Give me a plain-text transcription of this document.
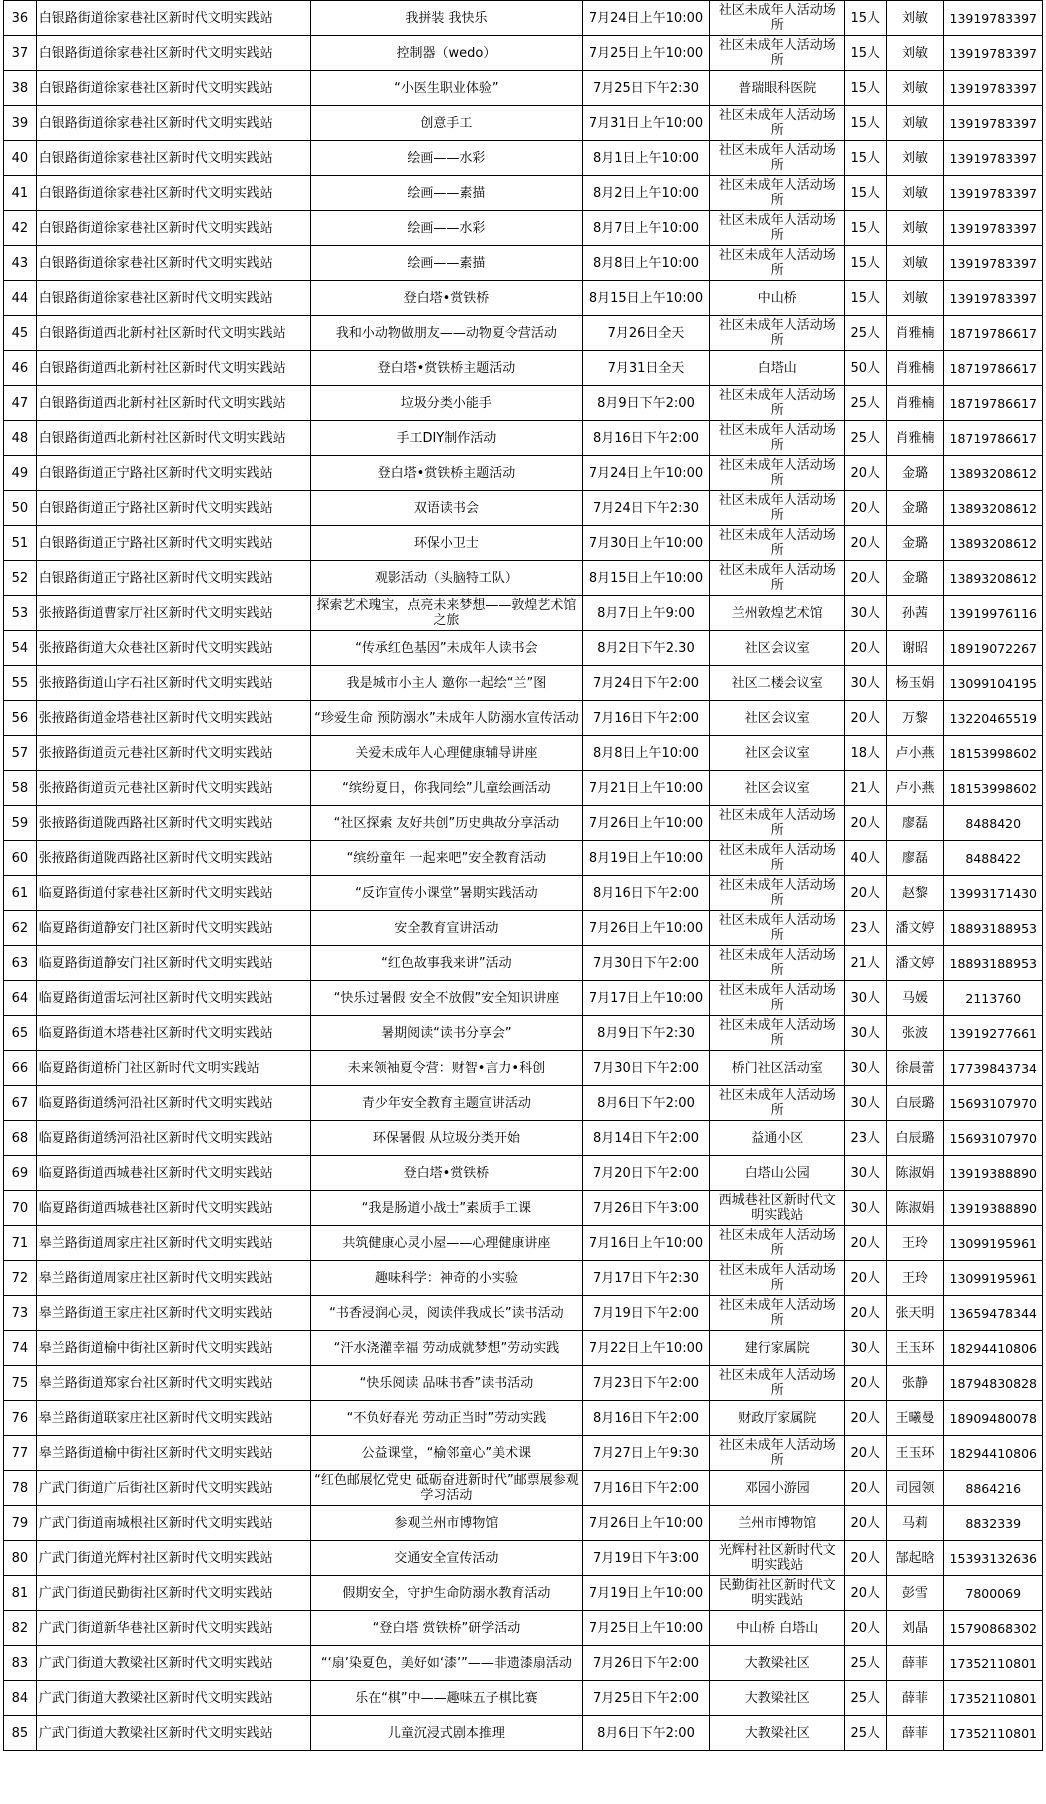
36	白银路街道徐家巷社区新时代文明实践站	我拼装 我快乐	7月24日上午10:00	社区未成年人活动场所	15人	刘敏	13919783397
37	白银路街道徐家巷社区新时代文明实践站	控制器（wedo）	7月25日上午10:00	社区未成年人活动场所	15人	刘敏	13919783397
38	白银路街道徐家巷社区新时代文明实践站	“小医生职业体验”	7月25日下午2:30	普瑞眼科医院	15人	刘敏	13919783397
39	白银路街道徐家巷社区新时代文明实践站	创意手工	7月31日上午10:00	社区未成年人活动场所	15人	刘敏	13919783397
40	白银路街道徐家巷社区新时代文明实践站	绘画——水彩	8月1日上午10:00	社区未成年人活动场所	15人	刘敏	13919783397
41	白银路街道徐家巷社区新时代文明实践站	绘画——素描	8月2日上午10:00	社区未成年人活动场所	15人	刘敏	13919783397
42	白银路街道徐家巷社区新时代文明实践站	绘画——水彩	8月7日上午10:00	社区未成年人活动场所	15人	刘敏	13919783397
43	白银路街道徐家巷社区新时代文明实践站	绘画——素描	8月8日上午10:00	社区未成年人活动场所	15人	刘敏	13919783397
44	白银路街道徐家巷社区新时代文明实践站	登白塔•赏铁桥	8月15日上午10:00	中山桥	15人	刘敏	13919783397
45	白银路街道西北新村社区新时代文明实践站	我和小动物做朋友——动物夏令营活动	7月26日全天	社区未成年人活动场所	25人	肖雅楠	18719786617
46	白银路街道西北新村社区新时代文明实践站	登白塔•赏铁桥主题活动	7月31日全天	白塔山	50人	肖雅楠	18719786617
47	白银路街道西北新村社区新时代文明实践站	垃圾分类小能手	8月9日下午2:00	社区未成年人活动场所	25人	肖雅楠	18719786617
48	白银路街道西北新村社区新时代文明实践站	手工DIY制作活动	8月16日下午2:00	社区未成年人活动场所	25人	肖雅楠	18719786617
49	白银路街道正宁路社区新时代文明实践站	登白塔•赏铁桥主题活动	7月24日上午10:00	社区未成年人活动场所	20人	金璐	13893208612
50	白银路街道正宁路社区新时代文明实践站	双语读书会	7月24日下午2:30	社区未成年人活动场所	20人	金璐	13893208612
51	白银路街道正宁路社区新时代文明实践站	环保小卫士	7月30日上午10:00	社区未成年人活动场所	20人	金璐	13893208612
52	白银路街道正宁路社区新时代文明实践站	观影活动（头脑特工队）	8月15日上午10:00	社区未成年人活动场所	20人	金璐	13893208612
53	张掖路街道曹家厅社区新时代文明实践站	探索艺术瑰宝，点亮未来梦想——敦煌艺术馆之旅	8月7日上午9:00	兰州敦煌艺术馆	30人	孙茜	13919976116
54	张掖路街道大众巷社区新时代文明实践站	“传承红色基因”未成年人读书会	8月2日下午2.30	社区会议室	20人	谢昭	18919072267
55	张掖路街道山字石社区新时代文明实践站	我是城市小主人 邀你一起绘“兰”图	7月24日下午2:00	社区二楼会议室	30人	杨玉娟	13099104195
56	张掖路街道金塔巷社区新时代文明实践站	“珍爱生命 预防溺水”未成年人防溺水宣传活动	7月16日下午2:00	社区会议室	20人	万黎	13220465519
57	张掖路街道贡元巷社区新时代文明实践站	关爱未成年人心理健康辅导讲座	8月8日上午10:00	社区会议室	18人	卢小燕	18153998602
58	张掖路街道贡元巷社区新时代文明实践站	“缤纷夏日，你我同绘”儿童绘画活动	7月21日上午10:00	社区会议室	21人	卢小燕	18153998602
59	张掖路街道陇西路社区新时代文明实践站	“社区探索 友好共创”历史典故分享活动	7月26日上午10:00	社区未成年人活动场所	20人	廖磊	8488420
60	张掖路街道陇西路社区新时代文明实践站	“缤纷童年 一起来吧”安全教育活动	8月19日上午10:00	社区未成年人活动场所	40人	廖磊	8488422
61	临夏路街道付家巷社区新时代文明实践站	“反诈宣传小课堂”暑期实践活动	8月16日下午2:00	社区未成年人活动场所	20人	赵黎	13993171430
62	临夏路街道静安门社区新时代文明实践站	安全教育宣讲活动	7月26日上午10:00	社区未成年人活动场所	23人	潘文婷	18893188953
63	临夏路街道静安门社区新时代文明实践站	“红色故事我来讲”活动	7月30日下午2:00	社区未成年人活动场所	21人	潘文婷	18893188953
64	临夏路街道雷坛河社区新时代文明实践站	“快乐过暑假 安全不放假”安全知识讲座	7月17日上午10:00	社区未成年人活动场所	30人	马媛	2113760
65	临夏路街道木塔巷社区新时代文明实践站	暑期阅读“读书分享会”	8月9日下午2:30	社区未成年人活动场所	30人	张波	13919277661
66	临夏路街道桥门社区新时代文明实践站	未来领袖夏令营：财智•言力•科创	7月30日下午2:00	桥门社区活动室	30人	徐晨蕾	17739843734
67	临夏路街道绣河沿社区新时代文明实践站	青少年安全教育主题宣讲活动	8月6日下午2:00	社区未成年人活动场所	30人	白辰璐	15693107970
68	临夏路街道绣河沿社区新时代文明实践站	环保暑假 从垃圾分类开始	8月14日下午2:00	益通小区	23人	白辰璐	15693107970
69	临夏路街道西城巷社区新时代文明实践站	登白塔•赏铁桥	7月20日下午2:00	白塔山公园	30人	陈淑娟	13919388890
70	临夏路街道西城巷社区新时代文明实践站	“我是肠道小战士”素质手工课	7月26日下午3:00	西城巷社区新时代文明实践站	30人	陈淑娟	13919388890
71	皋兰路街道周家庄社区新时代文明实践站	共筑健康心灵小屋——心理健康讲座	7月16日上午10:00	社区未成年人活动场所	20人	王玲	13099195961
72	皋兰路街道周家庄社区新时代文明实践站	趣味科学：神奇的小实验	7月17日下午2:30	社区未成年人活动场所	20人	王玲	13099195961
73	皋兰路街道王家庄社区新时代文明实践站	“书香浸润心灵，阅读伴我成长”读书活动	7月19日下午2:00	社区未成年人活动场所	20人	张天明	13659478344
74	皋兰路街道榆中街社区新时代文明实践站	“汗水浇灌幸福 劳动成就梦想”劳动实践	7月22日上午10:00	建行家属院	30人	王玉环	18294410806
75	皋兰路街道郑家台社区新时代文明实践站	“快乐阅读 品味书香”读书活动	7月23日下午2:00	社区未成年人活动场所	20人	张静	18794830828
76	皋兰路街道联家庄社区新时代文明实践站	“不负好春光 劳动正当时”劳动实践	8月16日下午2:00	财政厅家属院	20人	王曦曼	18909480078
77	皋兰路街道榆中街社区新时代文明实践站	公益课堂，“榆邻童心”美术课	7月27日上午9:30	社区未成年人活动场所	20人	王玉环	18294410806
78	广武门街道广后街社区新时代文明实践站	“红色邮展忆党史 砥砺奋进新时代”邮票展参观学习活动	7月16日下午2:00	邓园小游园	20人	司园领	8864216
79	广武门街道南城根社区新时代文明实践站	参观兰州市博物馆	7月26日上午10:00	兰州市博物馆	20人	马莉	8832339
80	广武门街道光辉村社区新时代文明实践站	交通安全宣传活动	7月19日下午3:00	光辉村社区新时代文明实践站	20人	郜起晗	15393132636
81	广武门街道民勤街社区新时代文明实践站	假期安全，守护生命防溺水教育活动	7月19日上午10:00	民勤街社区新时代文明实践站	20人	彭雪	7800069
82	广武门街道新华巷社区新时代文明实践站	“登白塔 赏铁桥”研学活动	7月25日上午10:00	中山桥 白塔山	20人	刘晶	15790868302
83	广武门街道大教梁社区新时代文明实践站	“‘扇’染夏色，美好如‘漆’”——非遗漆扇活动	7月26日下午2:00	大教梁社区	25人	薛菲	17352110801
84	广武门街道大教梁社区新时代文明实践站	乐在“棋”中——趣味五子棋比赛	7月25日下午2:00	大教梁社区	25人	薛菲	17352110801
85	广武门街道大教梁社区新时代文明实践站	儿童沉浸式剧本推理	8月6日下午2:00	大教梁社区	25人	薛菲	17352110801
